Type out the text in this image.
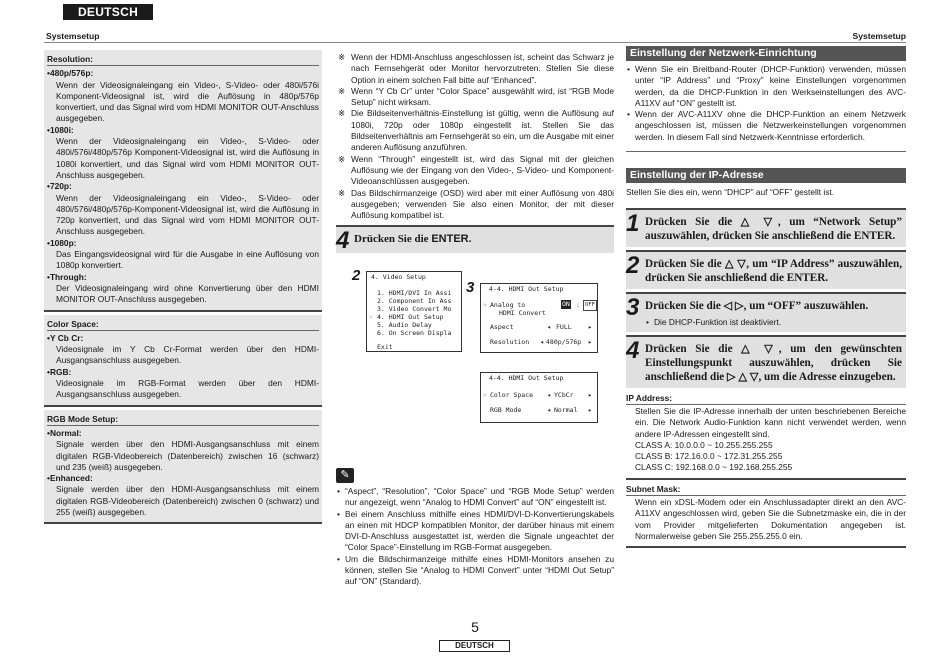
DEUTSCH
Systemsetup	Systemsetup
Resolution:
• 480p/576p:
Wenn der Videosignaleingang ein Video-, S-Video- oder 480i/576i Komponent-Videosignal ist, wird die Auflösung in 480p/576p konvertiert, und das Signal wird vom HDMI MONITOR OUT-Anschluss ausgegeben.
• 1080i:
Wenn der Videosignaleingang ein Video-, S-Video- oder 480i/576i/480p/576p Komponent-Videosignal ist, wird die Auflösung in 1080i konvertiert, und das Signal wird vom HDMI MONITOR OUT-Anschluss ausgegeben.
• 720p:
Wenn der Videosignaleingang ein Video-, S-Video- oder 480i/576i/480p/576p-Komponent-Videosignal ist, wird die Auflösung in 720p konvertiert, und das Signal wird vom HDMI MONITOR OUT-Anschluss ausgegeben.
• 1080p:
Das Eingangsvideosignal wird für die Ausgabe in eine Auflösung von 1080p konvertiert.
• Through:
Der Videosignaleingang wird ohne Konvertierung über den HDMI MONITOR OUT-Anschluss ausgegeben.
Color Space:
• Y Cb Cr:
Videosignale im Y Cb Cr-Format werden über den HDMI-Ausgangsanschluss ausgegeben.
• RGB:
Videosignale im RGB-Format werden über den HDMI-Ausgangsanschluss ausgegeben.
RGB Mode Setup:
• Normal:
Signale werden über den HDMI-Ausgangsanschluss mit einem digitalen RGB-Videobereich (Datenbereich) zwischen 16 (schwarz) und 235 (weiß) ausgegeben.
• Enhanced:
Signale werden über den HDMI-Ausgangsanschluss mit einem digitalen RGB-Videobereich (Datenbereich) zwischen 0 (schwarz) und 255 (weiß) ausgegeben.
※ Wenn der HDMI-Anschluss angeschlossen ist, scheint das Schwarz je nach Fernsehgerät oder Monitor hervorzutreten. Stellen Sie diese Option in einem solchen Fall bitte auf “Enhanced”.
※ Wenn “Y Cb Cr” unter “Color Space” ausgewählt wird, ist “RGB Mode Setup” nicht wirksam.
※ Die Bildseitenverhältnis-Einstellung ist gültig, wenn die Auflösung auf 1080i, 720p oder 1080p eingestellt ist. Stellen Sie das Bildseitenverhältnis am Fernsehgerät so ein, um die Ausgabe mit einer anderen Auflösung anzuführen.
※ Wenn “Through” eingestellt ist, wird das Signal mit der gleichen Auflösung wie der Eingang von den Video-, S-Video- und Komponent-Videoanschlüssen ausgegeben.
※ Das Bildschirmanzeige (OSD) wird aber mit einer Auflösung von 480i ausgegeben; verwenden Sie also einen Monitor, der mit dieser Auflösung kompatibel ist.
4 Drücken Sie die ENTER.
2 4. Video Setup
1. HDMI/DVI In Assi
2. Component In Ass
3. Video Convert Mo
☞ 4. HDMI Out Setup
5. Audio Delay
6. On Screen Displa
Exit
3 4-4. HDMI Out Setup
☞ Analog to	ON : OFF
HDMI Convert
Aspect	◂ FULL	▸
Resolution ◂ 480p/576p ▸
4-4. HDMI Out Setup
☞ Color Space ◂ YCbCr ▸
RGB Mode	◂ Normal ▸
✎
• “Aspect”, “Resolution”, “Color Space” und “RGB Mode Setup” werden nur angezeigt, wenn “Analog to HDMI Convert” auf “ON” eingestellt ist.
• Bei einem Anschluss mithilfe eines HDMI/DVI-D-Konvertierungskabels an einen mit HDCP kompatiblen Monitor, der darüber hinaus mit einem DVI-D-Anschluss ausgestattet ist, werden die Signale ungeachtet der “Color Space”-Einstellung im RGB-Format ausgegeben.
• Um die Bildschirmanzeige mithilfe eines HDMI-Monitors ansehen zu können, stellen Sie “Analog to HDMI Convert” unter “HDMI Out Setup” auf “ON” (Standard).
Einstellung der Netzwerk-Einrichtung
• Wenn Sie ein Breitband-Router (DHCP-Funktion) verwenden, müssen unter “IP Address” und “Proxy” keine Einstellungen vorgenommen werden, da die DHCP-Funktion in den Werkseinstellungen des AVC-A11XV auf “ON” gestellt ist.
• Wenn der AVC-A11XV ohne die DHCP-Funktion an einem Netzwerk angeschlossen ist, müssen die Netzwerkeinstellungen vorgenommen werden. In diesem Fall sind Netzwerk-Kenntnisse erforderlich.
Einstellung der IP-Adresse
Stellen Sie dies ein, wenn “DHCP” auf “OFF” gestellt ist.
1 Drücken Sie die △ ▽, um “Network Setup” auszuwählen, drücken Sie anschließend die ENTER.
2 Drücken Sie die △ ▽, um “IP Address” auszuwählen, drücken Sie anschließend die ENTER.
3 Drücken Sie die ◁ ▷, um “OFF” auszuwählen.
• Die DHCP-Funktion ist deaktiviert.
4 Drücken Sie die △ ▽, um den gewünschten Einstellungspunkt auszuwählen, drücken Sie anschließend die ▷ △ ▽, um die Adresse einzugeben.
IP Address:
Stellen Sie die IP-Adresse innerhalb der unten beschriebenen Bereiche ein. Die Network Audio-Funktion kann nicht verwendet werden, wenn andere IP-Adressen eingestellt sind.
CLASS A: 10.0.0.0 ~ 10.255.255.255
CLASS B: 172.16.0.0 ~ 172.31.255.255
CLASS C: 192.168.0.0 ~ 192.168.255.255
Subnet Mask:
Wenn ein xDSL-Modem oder ein Anschlussadapter direkt an den AVC-A11XV angeschlossen wird, geben Sie die Subnetzmaske ein, die in der vom Provider mitgelieferten Dokumentation angegeben ist. Normalerweise geben Sie 255.255.255.0 ein.
5
DEUTSCH
